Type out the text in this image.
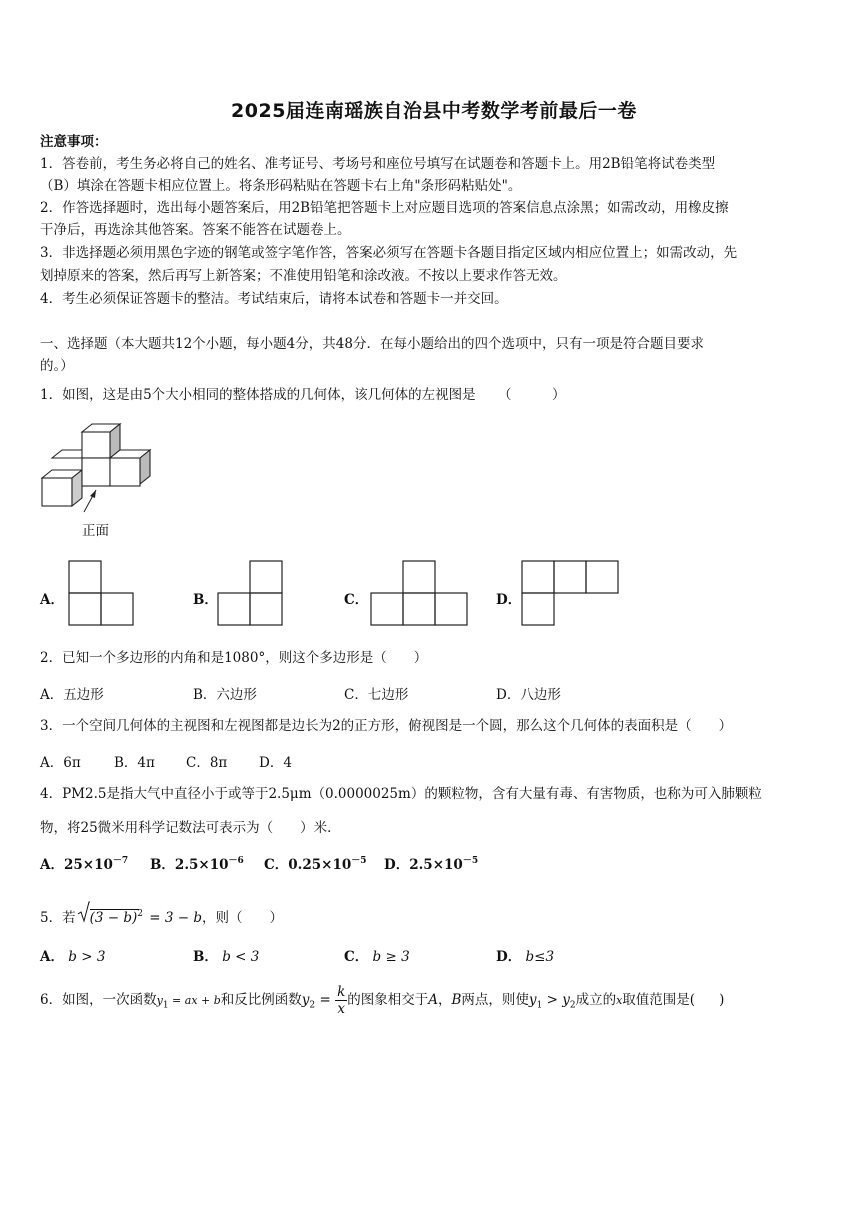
2025届连南瑶族自治县中考数学考前最后一卷
注意事项：
1．答卷前，考生务必将自己的姓名、准考证号、考场号和座位号填写在试题卷和答题卡上。用2B铅笔将试卷类型
（B）填涂在答题卡相应位置上。将条形码粘贴在答题卡右上角"条形码粘贴处"。
2．作答选择题时，选出每小题答案后，用2B铅笔把答题卡上对应题目选项的答案信息点涂黑；如需改动，用橡皮擦
干净后，再选涂其他答案。答案不能答在试题卷上。
3．非选择题必须用黑色字迹的钢笔或签字笔作答，答案必须写在答题卡各题目指定区域内相应位置上；如需改动，先
划掉原来的答案，然后再写上新答案；不准使用铅笔和涂改液。不按以上要求作答无效。
4．考生必须保证答题卡的整洁。考试结束后，请将本试卷和答题卡一并交回。
一、选择题（本大题共12个小题，每小题4分，共48分．在每小题给出的四个选项中，只有一项是符合题目要求
的。）
1．如图，这是由5个大小相同的整体搭成的几何体，该几何体的左视图是 （　　　）
正面
A．	B．	C．	D．
2．已知一个多边形的内角和是1080°，则这个多边形是（　　）
A．五边形	B．六边形	C．七边形	D．八边形
3．一个空间几何体的主视图和左视图都是边长为2的正方形，俯视图是一个圆，那么这个几何体的表面积是（　　）
A．6π B．4π C．8π D．4
4．PM2.5是指大气中直径小于或等于2.5μm（0.0000025m）的颗粒物，含有大量有毒、有害物质，也称为可入肺颗粒
物，将25微米用科学记数法可表示为（　　）米．
A．$25\times 10^{-7}$ B．$2.5\times 10^{-6}$ C．$0.25\times 10^{-5}$ D．$2.5\times 10^{-5}$
5．若 $(3 - b)^2 = 3 - b$，则（　　）
A． b > 3	B． b < 3	C． b ≥ 3	D． b≤3
6．如图，一次函数$y_1$ = ax + b和反比例函数$y_2 = \frac{k}{x}$ 的图象相交于A，B两点，则使$y_1 > y_2$成立的x取值范围是( )
